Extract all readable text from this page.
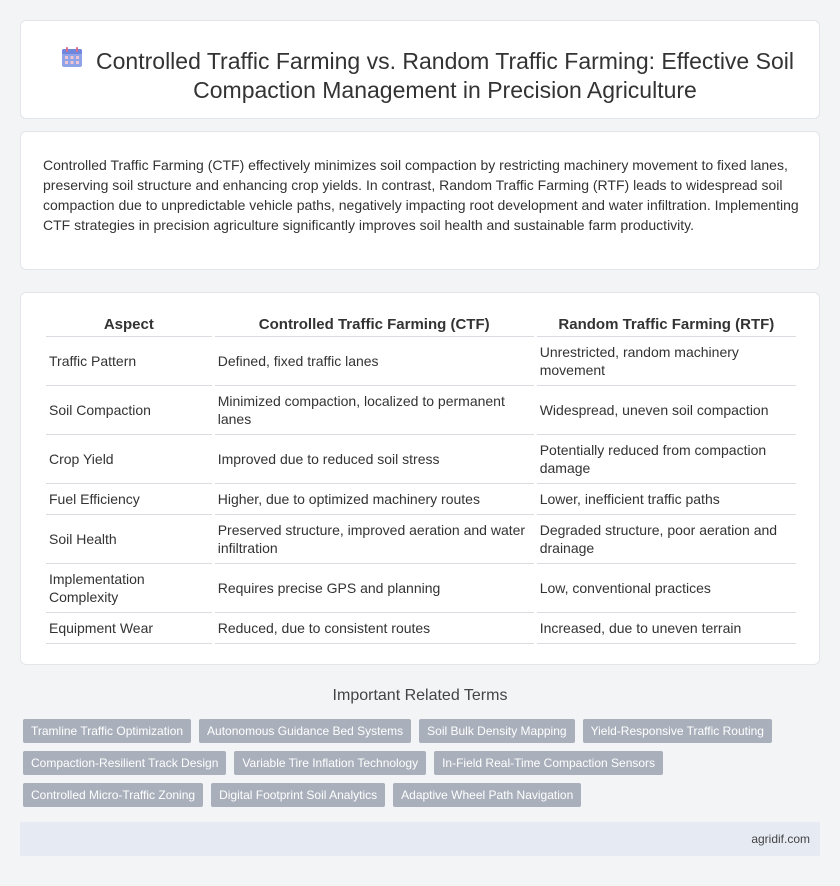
Controlled Traffic Farming vs. Random Traffic Farming: Effective Soil Compaction Management in Precision Agriculture

Controlled Traffic Farming (CTF) effectively minimizes soil compaction by restricting machinery movement to fixed lanes, preserving soil structure and enhancing crop yields. In contrast, Random Traffic Farming (RTF) leads to widespread soil compaction due to unpredictable vehicle paths, negatively impacting root development and water infiltration. Implementing CTF strategies in precision agriculture significantly improves soil health and sustainable farm productivity.

Aspect	Controlled Traffic Farming (CTF)	Random Traffic Farming (RTF)
Traffic Pattern	Defined, fixed traffic lanes	Unrestricted, random machinery movement
Soil Compaction	Minimized compaction, localized to permanent lanes	Widespread, uneven soil compaction
Crop Yield	Improved due to reduced soil stress	Potentially reduced from compaction damage
Fuel Efficiency	Higher, due to optimized machinery routes	Lower, inefficient traffic paths
Soil Health	Preserved structure, improved aeration and water infiltration	Degraded structure, poor aeration and drainage
Implementation Complexity	Requires precise GPS and planning	Low, conventional practices
Equipment Wear	Reduced, due to consistent routes	Increased, due to uneven terrain
Important Related Terms
Tramline Traffic Optimization	Autonomous Guidance Bed Systems	Soil Bulk Density Mapping	Yield-Responsive Traffic Routing
Compaction-Resilient Track Design	Variable Tire Inflation Technology	In-Field Real-Time Compaction Sensors
Controlled Micro-Traffic Zoning	Digital Footprint Soil Analytics	Adaptive Wheel Path Navigation
agridif.com
